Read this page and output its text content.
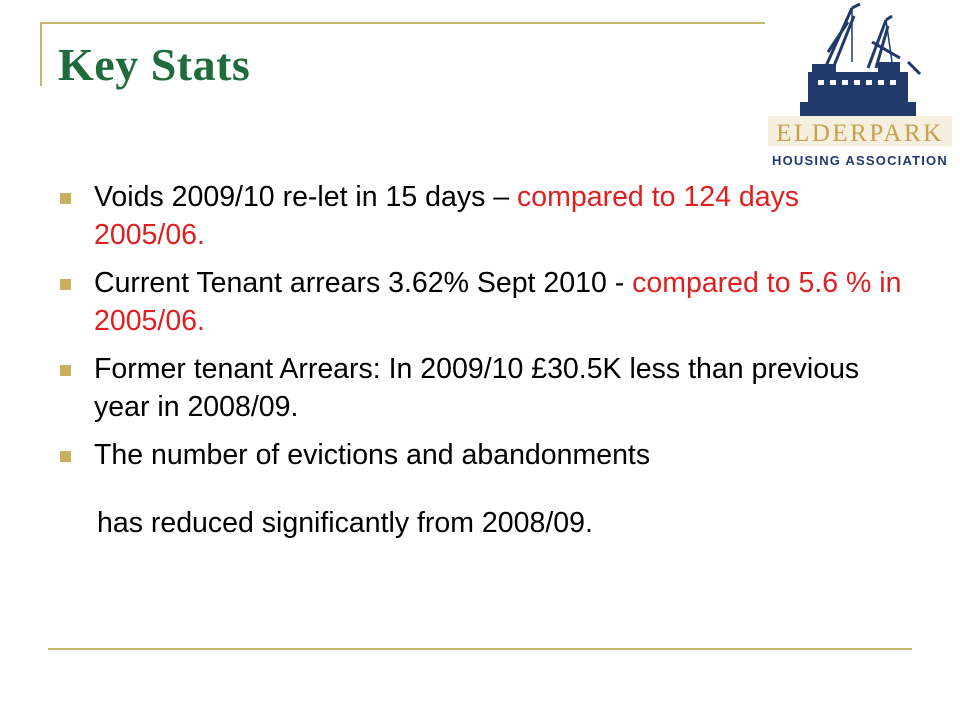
Key Stats
ELDERPARK
HOUSING ASSOCIATION
Voids 2009/10 re-let in 15 days – compared to 124 days 2005/06.
Current Tenant arrears 3.62% Sept 2010 - compared to 5.6 % in 2005/06.
Former tenant Arrears: In 2009/10 £30.5K less than previous year in 2008/09.
The number of evictions and abandonments
has reduced significantly from 2008/09.
